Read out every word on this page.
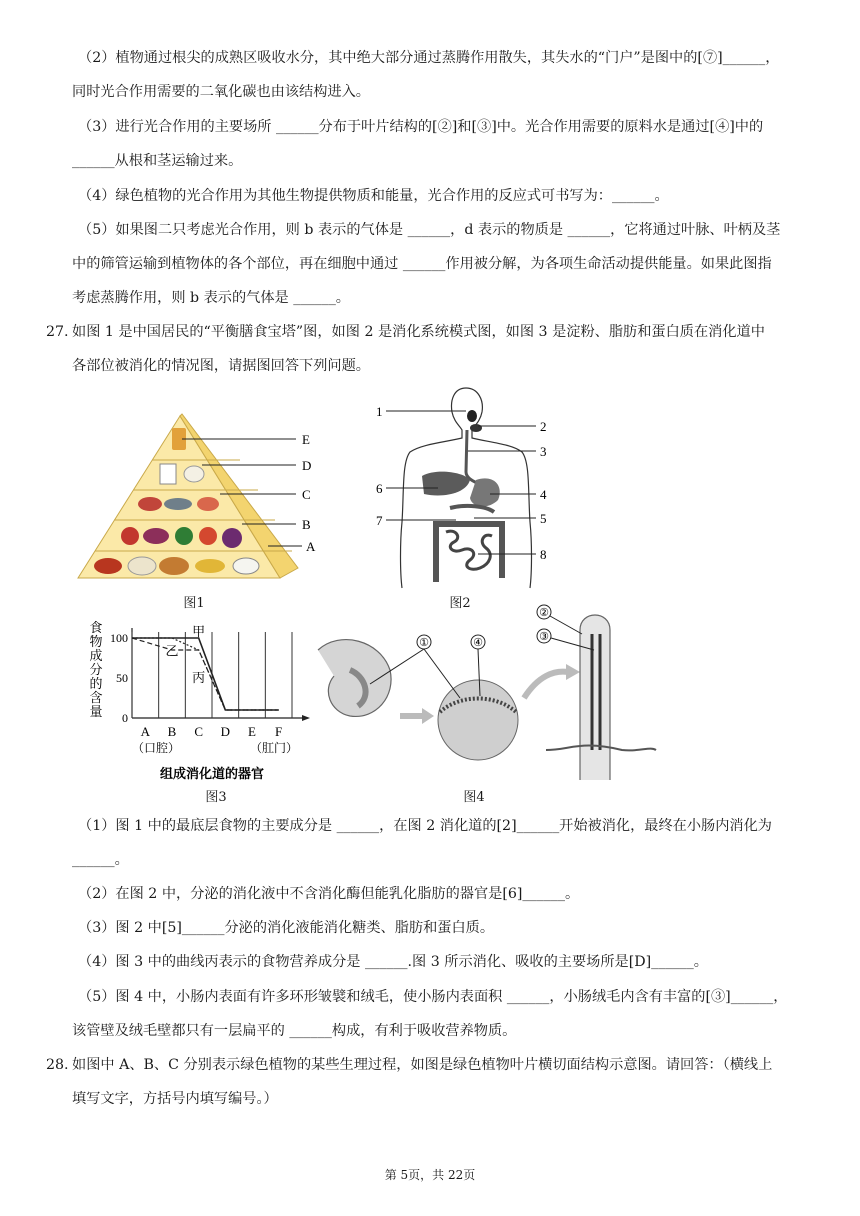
（2）植物通过根尖的成熟区吸收水分，其中绝大部分通过蒸腾作用散失，其失水的“门户”是图中的[⑦]______，
同时光合作用需要的二氧化碳也由该结构进入。
（3）进行光合作用的主要场所 ______分布于叶片结构的[②]和[③]中。光合作用需要的原料水是通过[④]中的
______从根和茎运输过来。
（4）绿色植物的光合作用为其他生物提供物质和能量，光合作用的反应式可书写为：______。
（5）如果图二只考虑光合作用，则 b 表示的气体是 ______，d 表示的物质是 ______，它将通过叶脉、叶柄及茎
中的筛管运输到植物体的各个部位，再在细胞中通过 ______作用被分解，为各项生命活动提供能量。如果此图指
考虑蒸腾作用，则 b 表示的气体是 ______。
27. 如图 1 是中国居民的“平衡膳食宝塔”图，如图 2 是消化系统模式图，如图 3 是淀粉、脂肪和蛋白质在消化道中
各部位被消化的情况图，请据图回答下列问题。
E
D
C
B
A
图1
1
2
3
4
5
6
7
8
图2
食物成分的含量
100
50
0
A B C D E F
甲
乙
丙
（口腔）	（肛门）
组成消化道的器官
图3
①	④
②
③
图4
（1）图 1 中的最底层食物的主要成分是 ______，在图 2 消化道的[2]______开始被消化，最终在小肠内消化为
______。
（2）在图 2 中，分泌的消化液中不含消化酶但能乳化脂肪的器官是[6]______。
（3）图 2 中[5]______分泌的消化液能消化糖类、脂肪和蛋白质。
（4）图 3 中的曲线丙表示的食物营养成分是 ______.图 3 所示消化、吸收的主要场所是[D]______。
（5）图 4 中，小肠内表面有许多环形皱襞和绒毛，使小肠内表面积 ______，小肠绒毛内含有丰富的[③]______，
该管壁及绒毛壁都只有一层扁平的 ______构成，有利于吸收营养物质。
28. 如图中 A、B、C 分别表示绿色植物的某些生理过程，如图是绿色植物叶片横切面结构示意图。请回答：（横线上
填写文字，方括号内填写编号。）
第 5页，共 22页
